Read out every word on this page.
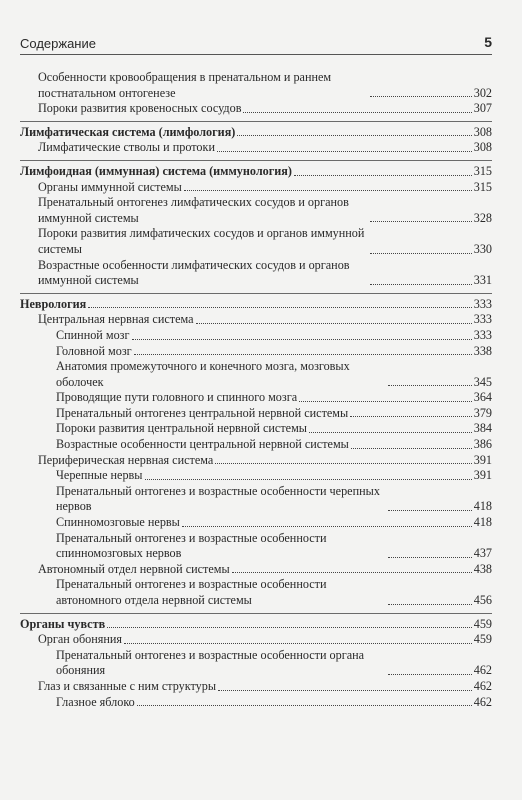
Содержание	5
Особенности кровообращения в пренатальном и раннем постнатальном онтогенезе	302
Пороки развития кровеносных сосудов	307
Лимфатическая система (лимфология)	308
Лимфатические стволы и протоки	308
Лимфоидная (иммунная) система (иммунология)	315
Органы иммунной системы	315
Пренатальный онтогенез лимфатических сосудов и органов иммунной системы	328
Пороки развития лимфатических сосудов и органов иммунной системы	330
Возрастные особенности лимфатических сосудов и органов иммунной системы	331
Неврология	333
Центральная нервная система	333
Спинной мозг	333
Головной мозг	338
Анатомия промежуточного и конечного мозга, мозговых оболочек	345
Проводящие пути головного и спинного мозга	364
Пренатальный онтогенез центральной нервной системы	379
Пороки развития центральной нервной системы	384
Возрастные особенности центральной нервной системы	386
Периферическая нервная система	391
Черепные нервы	391
Пренатальный онтогенез и возрастные особенности черепных нервов	418
Спинномозговые нервы	418
Пренатальный онтогенез и возрастные особенности спинномозговых нервов	437
Автономный отдел нервной системы	438
Пренатальный онтогенез и возрастные особенности автономного отдела нервной системы	456
Органы чувств	459
Орган обоняния	459
Пренатальный онтогенез и возрастные особенности органа обоняния	462
Глаз и связанные с ним структуры	462
Глазное яблоко	462
